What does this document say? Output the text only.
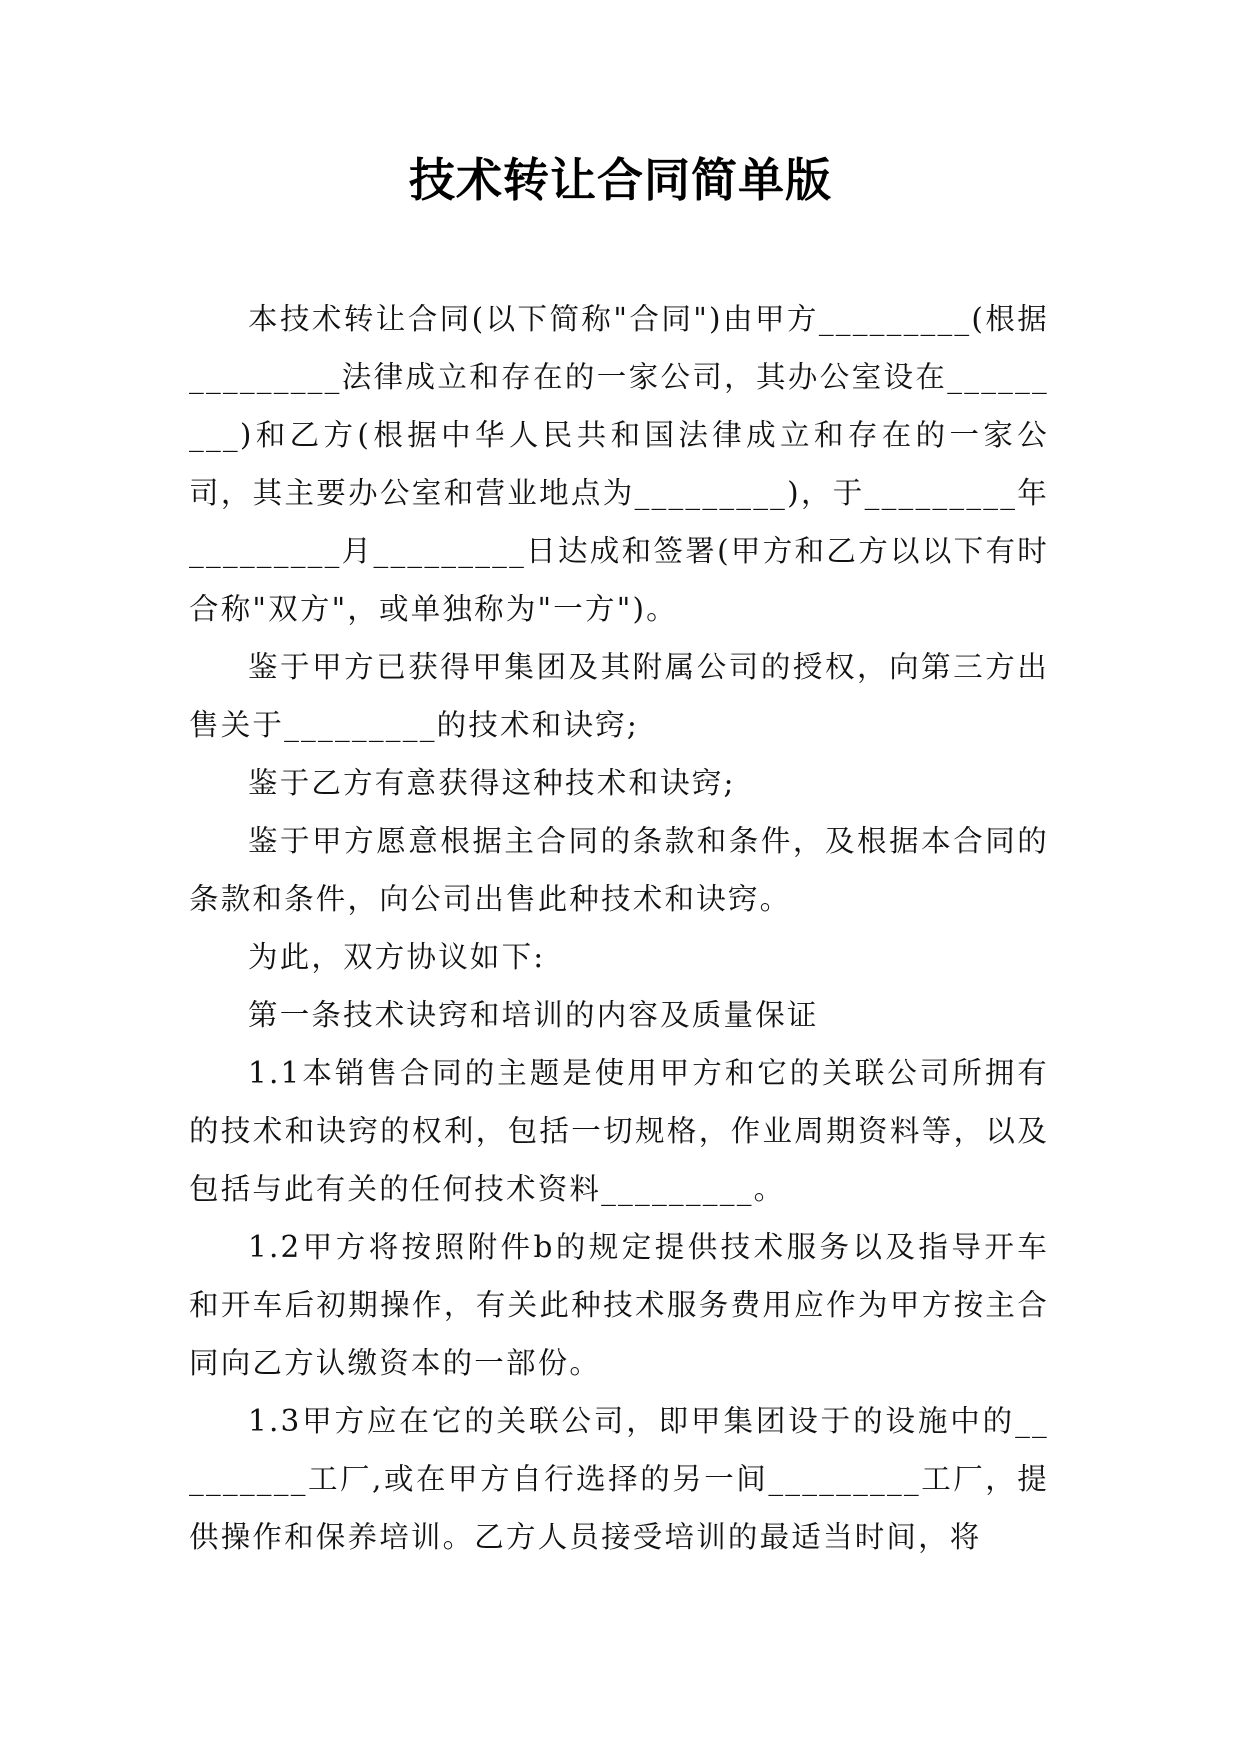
技术转让合同简单版

本技术转让合同(以下简称"合同")由甲方_________(根据_________法律成立和存在的一家公司，其办公室设在_________)和乙方(根据中华人民共和国法律成立和存在的一家公司，其主要办公室和营业地点为_________)，于_________年_________月_________日达成和签署(甲方和乙方以以下有时合称"双方"，或单独称为"一方")。

鉴于甲方已获得甲集团及其附属公司的授权，向第三方出售关于_________的技术和诀窍;

鉴于乙方有意获得这种技术和诀窍;

鉴于甲方愿意根据主合同的条款和条件，及根据本合同的条款和条件，向公司出售此种技术和诀窍。

为此，双方协议如下:

第一条技术诀窍和培训的内容及质量保证

1.1本销售合同的主题是使用甲方和它的关联公司所拥有的技术和诀窍的权利，包括一切规格，作业周期资料等，以及包括与此有关的任何技术资料_________。

1.2甲方将按照附件b的规定提供技术服务以及指导开车和开车后初期操作，有关此种技术服务费用应作为甲方按主合同向乙方认缴资本的一部份。

1.3甲方应在它的关联公司，即甲集团设于的设施中的_________工厂,或在甲方自行选择的另一间_________工厂，提供操作和保养培训。乙方人员接受培训的最适当时间，将
